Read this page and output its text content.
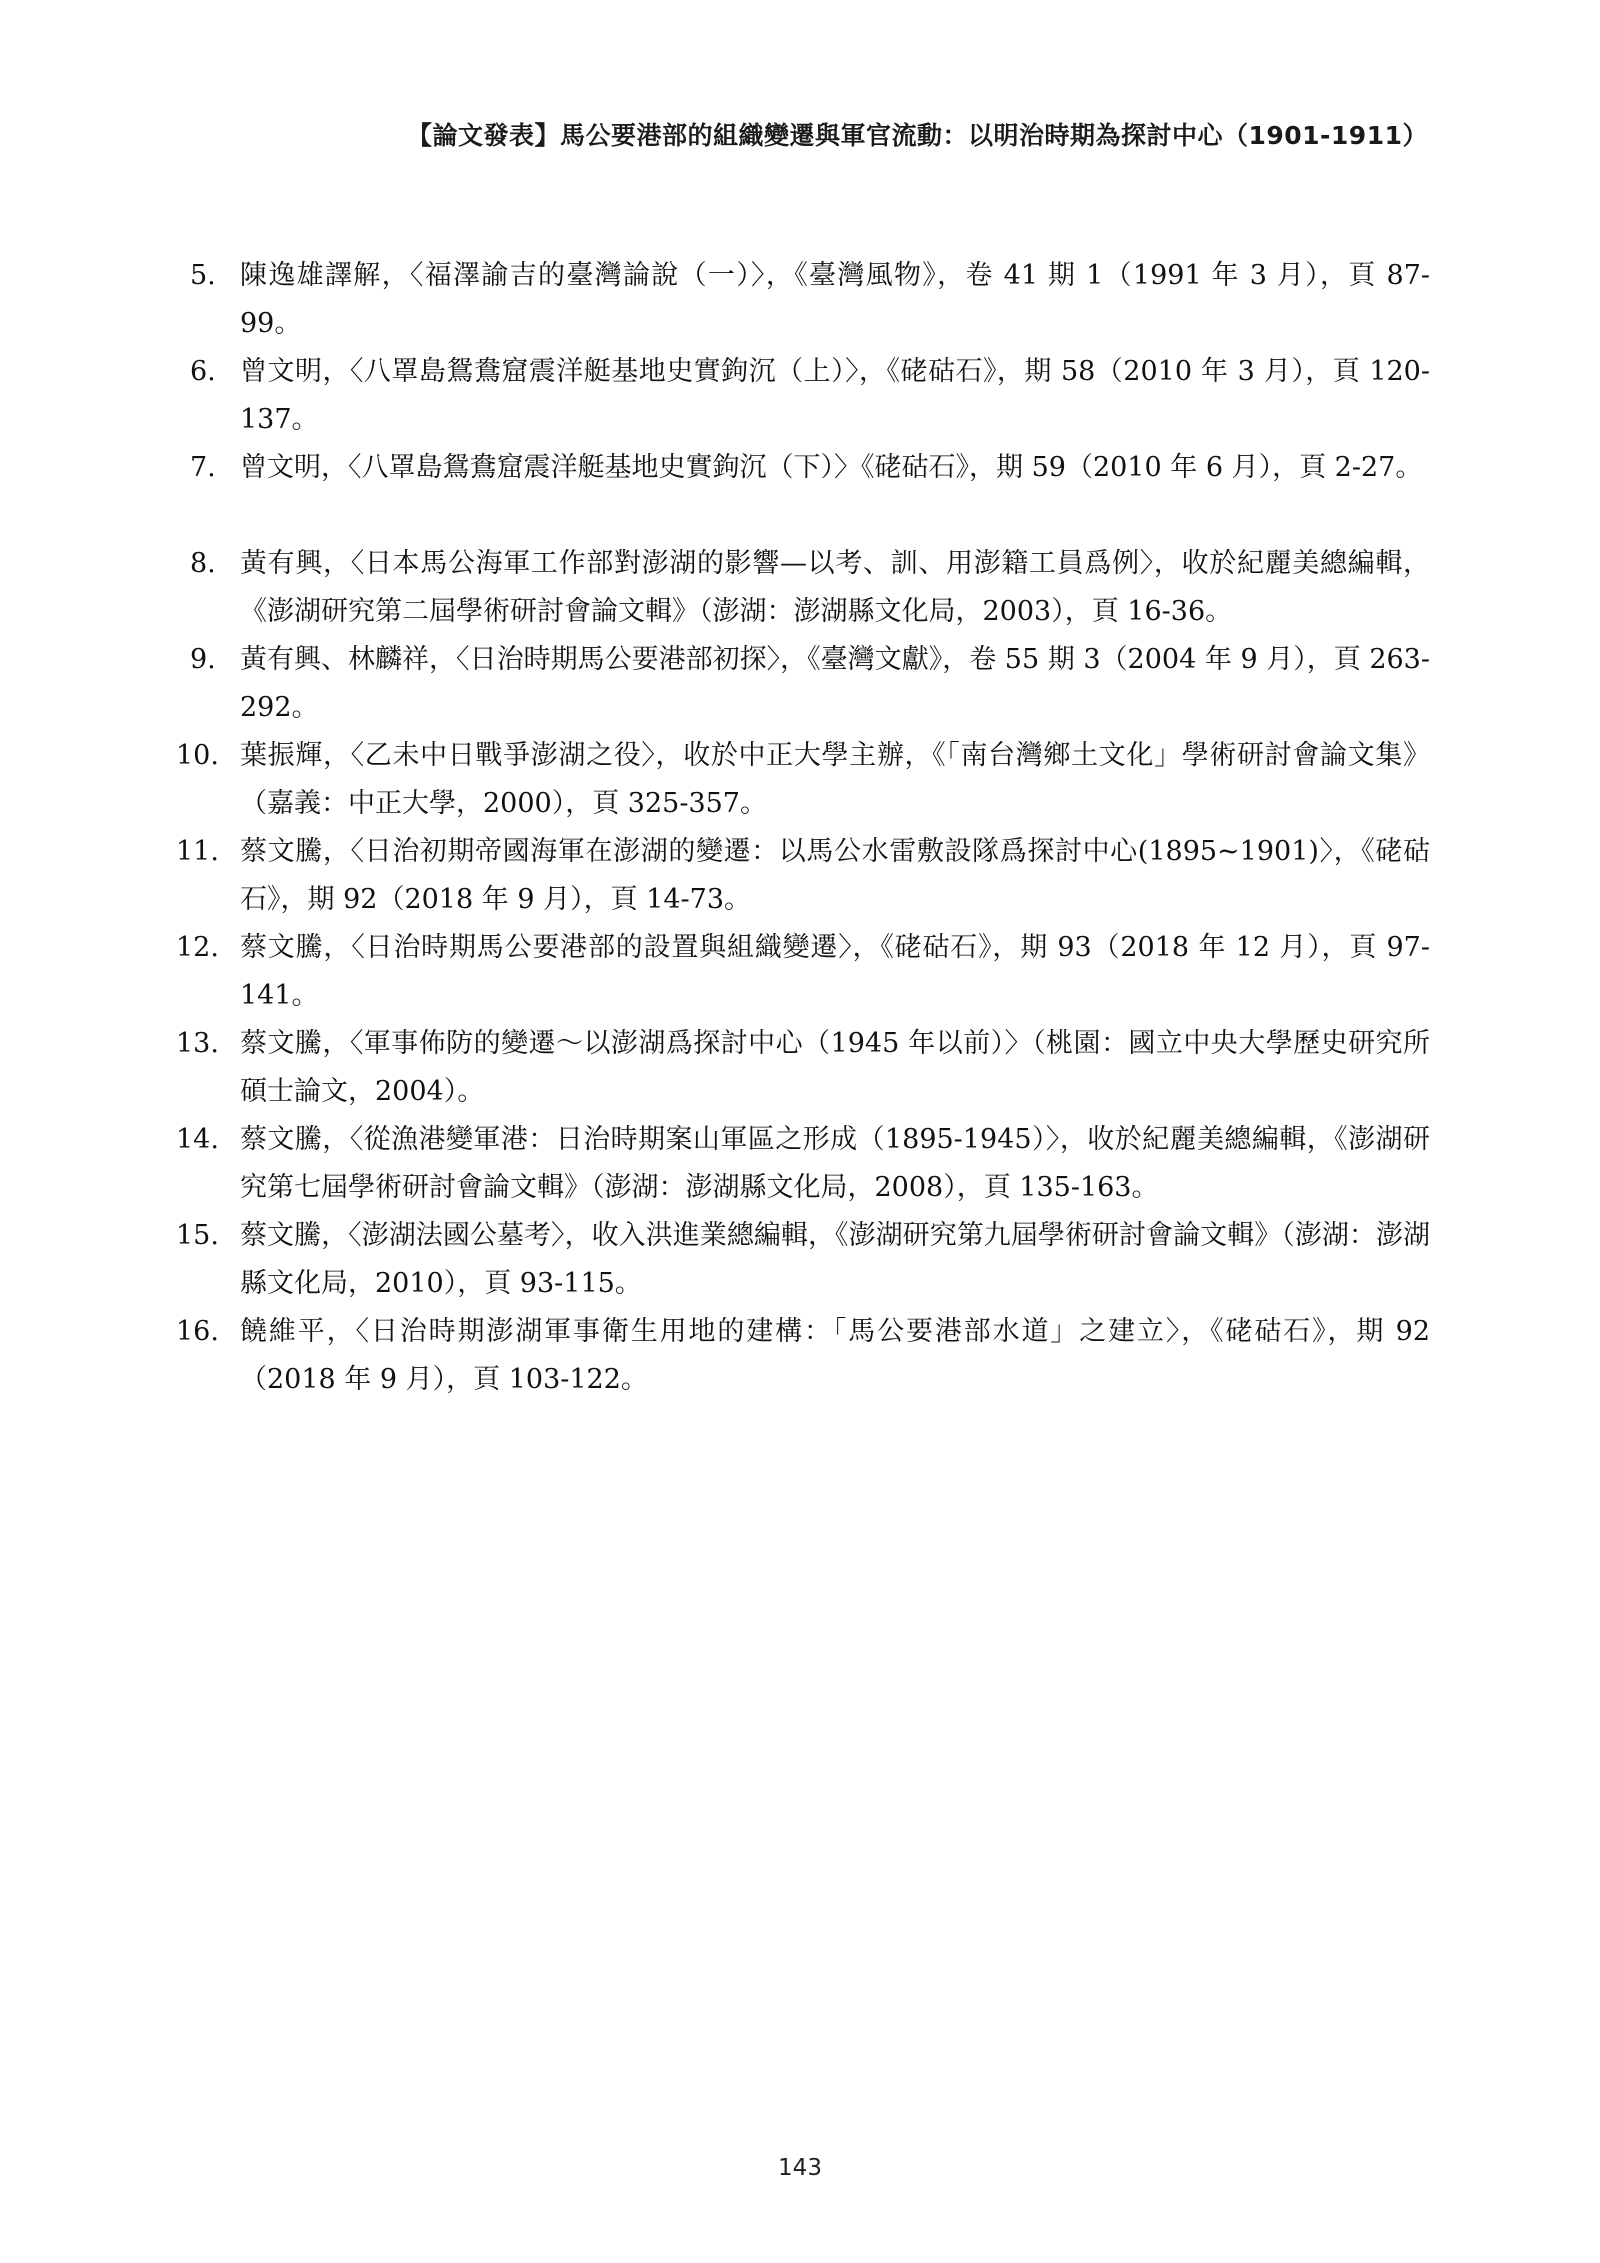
【論文發表】馬公要港部的組織變遷與軍官流動：以明治時期為探討中心（1901-1911）
5. 陳逸雄譯解，〈福澤諭吉的臺灣論說（一）〉，《臺灣風物》，卷 41 期 1（1991 年 3 月），頁 87-99。
6. 曾文明，〈八罩島鴛鴦窟震洋艇基地史實鉤沉（上）〉，《硓𥑮石》，期 58（2010 年 3 月），頁 120-137。
7. 曾文明，〈八罩島鴛鴦窟震洋艇基地史實鉤沉（下）〉《硓𥑮石》，期 59（2010 年 6 月），頁 2-27。
8. 黃有興，〈日本馬公海軍工作部對澎湖的影響—以考、訓、用澎籍工員爲例〉，收於紀麗美總編輯，《澎湖研究第二屆學術研討會論文輯》（澎湖：澎湖縣文化局，2003），頁 16-36。
9. 黃有興、林麟祥，〈日治時期馬公要港部初探〉，《臺灣文獻》，卷 55 期 3（2004 年 9 月），頁 263-292。
10. 葉振輝，〈乙未中日戰爭澎湖之役〉，收於中正大學主辦，《「南台灣鄉土文化」學術研討會論文集》（嘉義：中正大學，2000），頁 325-357。
11. 蔡文騰，〈日治初期帝國海軍在澎湖的變遷：以馬公水雷敷設隊爲探討中心(1895~1901)〉，《硓𥑮石》，期 92（2018 年 9 月），頁 14-73。
12. 蔡文騰，〈日治時期馬公要港部的設置與組織變遷〉，《硓𥑮石》，期 93（2018 年 12 月），頁 97-141。
13. 蔡文騰，〈軍事佈防的變遷～以澎湖爲探討中心（1945 年以前）〉（桃園：國立中央大學歷史研究所碩士論文，2004）。
14. 蔡文騰，〈從漁港變軍港：日治時期案山軍區之形成（1895-1945）〉，收於紀麗美總編輯，《澎湖研究第七屆學術研討會論文輯》（澎湖：澎湖縣文化局，2008），頁 135-163。
15. 蔡文騰，〈澎湖法國公墓考〉，收入洪進業總編輯，《澎湖研究第九屆學術研討會論文輯》（澎湖：澎湖縣文化局，2010），頁 93-115。
16. 饒維平，〈日治時期澎湖軍事衛生用地的建構：「馬公要港部水道」之建立〉，《硓𥑮石》，期 92（2018 年 9 月），頁 103-122。
143
